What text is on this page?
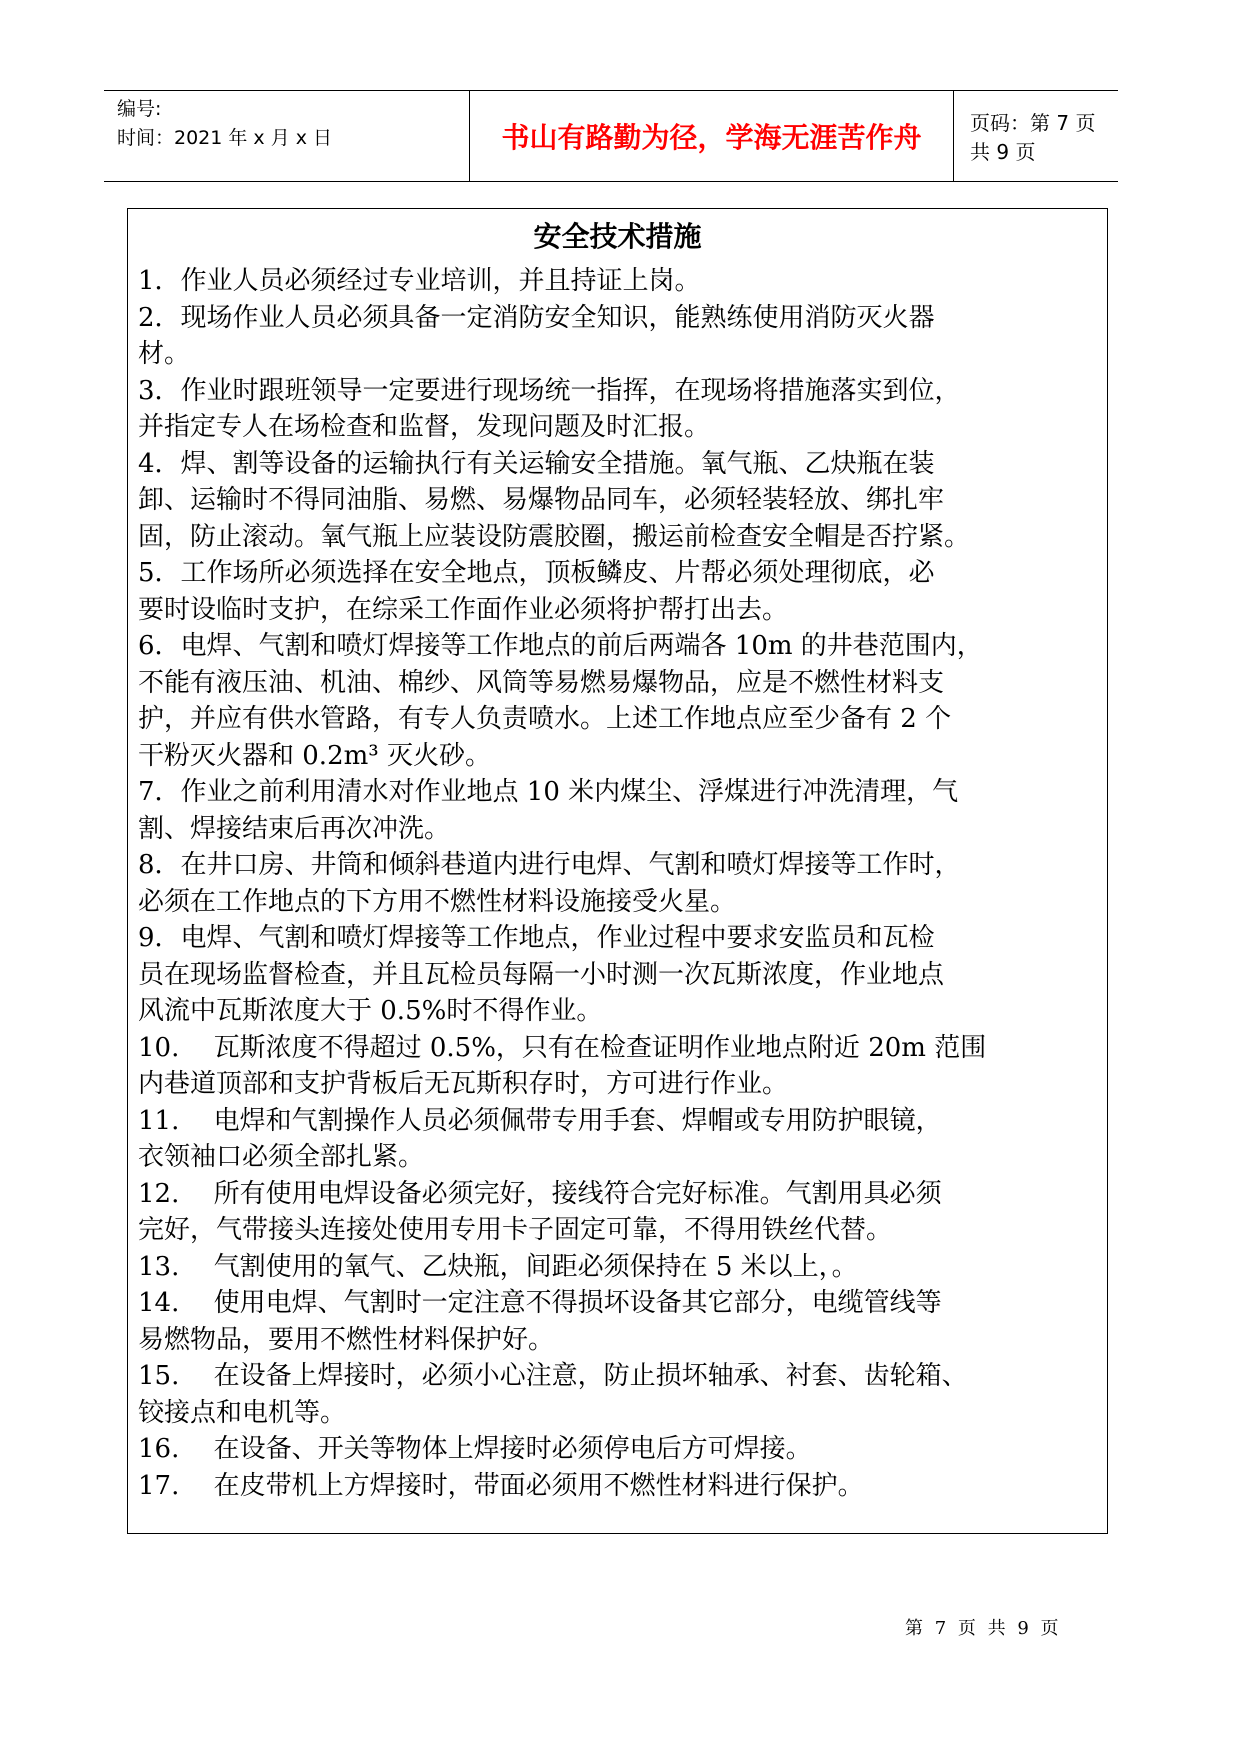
编号:
时间：2021 年 x 月 x 日	书山有路勤为径，学海无涯苦作舟 页码：第 7 页 共 9 页
安全技术措施
1．作业人员必须经过专业培训，并且持证上岗。
2．现场作业人员必须具备一定消防安全知识，能熟练使用消防灭火器
材。
3．作业时跟班领导一定要进行现场统一指挥，在现场将措施落实到位，
并指定专人在场检查和监督，发现问题及时汇报。
4．焊、割等设备的运输执行有关运输安全措施。氧气瓶、乙炔瓶在装
卸、运输时不得同油脂、易燃、易爆物品同车，必须轻装轻放、绑扎牢
固，防止滚动。氧气瓶上应装设防震胶圈，搬运前检查安全帽是否拧紧。
5．工作场所必须选择在安全地点，顶板鳞皮、片帮必须处理彻底，必
要时设临时支护，在综采工作面作业必须将护帮打出去。
6．电焊、气割和喷灯焊接等工作地点的前后两端各 10m 的井巷范围内，
不能有液压油、机油、棉纱、风筒等易燃易爆物品，应是不燃性材料支
护，并应有供水管路，有专人负责喷水。上述工作地点应至少备有 2 个
干粉灭火器和 0.2m³ 灭火砂。
7．作业之前利用清水对作业地点 10 米内煤尘、浮煤进行冲洗清理，气
割、焊接结束后再次冲洗。
8．在井口房、井筒和倾斜巷道内进行电焊、气割和喷灯焊接等工作时，
必须在工作地点的下方用不燃性材料设施接受火星。
9．电焊、气割和喷灯焊接等工作地点，作业过程中要求安监员和瓦检
员在现场监督检查，并且瓦检员每隔一小时测一次瓦斯浓度，作业地点
风流中瓦斯浓度大于 0.5%时不得作业。
10.　 瓦斯浓度不得超过 0.5%，只有在检查证明作业地点附近 20m 范围
内巷道顶部和支护背板后无瓦斯积存时，方可进行作业。
11.　 电焊和气割操作人员必须佩带专用手套、焊帽或专用防护眼镜，
衣领袖口必须全部扎紧。
12.　 所有使用电焊设备必须完好，接线符合完好标准。气割用具必须
完好，气带接头连接处使用专用卡子固定可靠，不得用铁丝代替。
13.　 气割使用的氧气、乙炔瓶，间距必须保持在 5 米以上，。
14.　 使用电焊、气割时一定注意不得损坏设备其它部分，电缆管线等
易燃物品，要用不燃性材料保护好。
15.　 在设备上焊接时，必须小心注意，防止损坏轴承、衬套、齿轮箱、
铰接点和电机等。
16.　 在设备、开关等物体上焊接时必须停电后方可焊接。
17.　 在皮带机上方焊接时，带面必须用不燃性材料进行保护。
第 7 页 共 9 页
